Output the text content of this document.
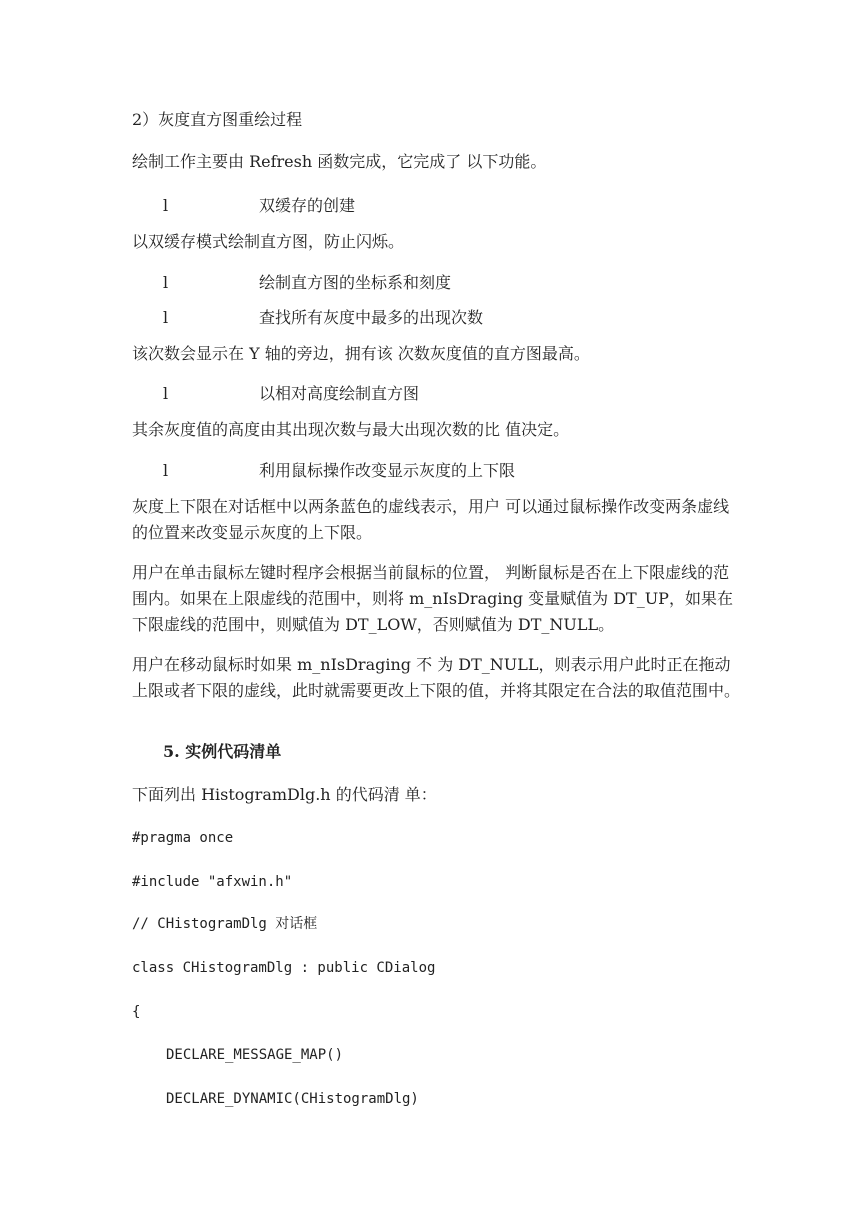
2）灰度直方图重绘过程
绘制工作主要由 Refresh 函数完成，它完成了 以下功能。
l	双缓存的创建
以双缓存模式绘制直方图，防止闪烁。
l	绘制直方图的坐标系和刻度
l	查找所有灰度中最多的出现次数
该次数会显示在 Y 轴的旁边，拥有该 次数灰度值的直方图最高。
l	以相对高度绘制直方图
其余灰度值的高度由其出现次数与最大出现次数的比 值决定。
l	利用鼠标操作改变显示灰度的上下限
灰度上下限在对话框中以两条蓝色的虚线表示，用户 可以通过鼠标操作改变两条虚线的位置来改变显示灰度的上下限。
用户在单击鼠标左键时程序会根据当前鼠标的位置， 判断鼠标是否在上下限虚线的范围内。如果在上限虚线的范围中，则将 m_nIsDraging 变量赋值为 DT_UP，如果在下限虚线的范围中，则赋值为 DT_LOW，否则赋值为 DT_NULL。
用户在移动鼠标时如果 m_nIsDraging 不 为 DT_NULL，则表示用户此时正在拖动上限或者下限的虚线，此时就需要更改上下限的值，并将其限定在合法的取值范围中。
5. 实例代码清单
下面列出 HistogramDlg.h 的代码清 单：
#pragma once
#include "afxwin.h"
// CHistogramDlg 对话框
class CHistogramDlg : public CDialog
{
DECLARE_MESSAGE_MAP()
DECLARE_DYNAMIC(CHistogramDlg)
